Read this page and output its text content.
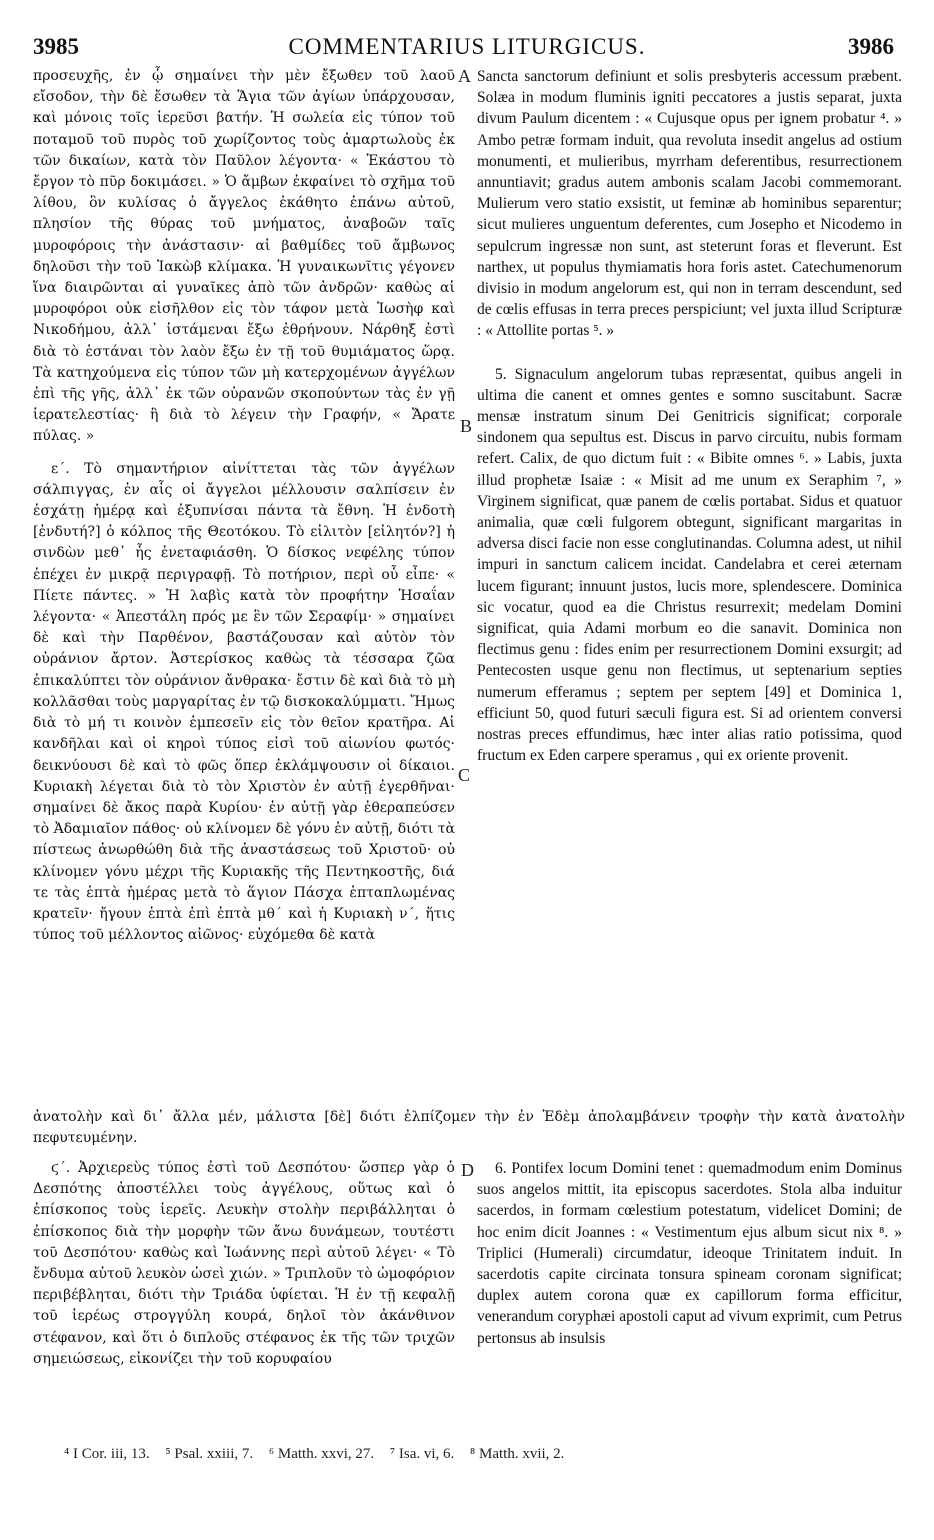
3985	COMMENTARIUS LITURGICUS.	3986

προσευχῆς, ἐν ᾧ σημαίνει τὴν μὲν ἔξωθεν τοῦ λαοῦ εἴσοδον, τὴν δὲ ἔσωθεν τὰ Ἅγια τῶν ἁγίων ὑπάρχουσαν, καὶ μόνοις τοῖς ἱερεῦσι βατήν. Ἡ σωλεία εἰς τύπον τοῦ ποταμοῦ τοῦ πυρὸς τοῦ χωρίζοντος τοὺς ἁμαρτωλοὺς ἐκ τῶν δικαίων, κατὰ τὸν Παῦλον λέγοντα· « Ἑκάστου τὸ ἔργον τὸ πῦρ δοκιμάσει. » Ὁ ἄμβων ἐκφαίνει τὸ σχῆμα τοῦ λίθου, ὃν κυλίσας ὁ ἄγγελος ἐκάθητο ἐπάνω αὐτοῦ, πλησίον τῆς θύρας τοῦ μνήματος, ἀναβοῶν ταῖς μυροφόροις τὴν ἀνάστασιν· αἱ βαθμίδες τοῦ ἄμβωνος δηλοῦσι τὴν τοῦ Ἰακὼβ κλίμακα. Ἡ γυναικωνῖτις γέγονεν ἵνα διαιρῶνται αἱ γυναῖκες ἀπὸ τῶν ἀνδρῶν· καθὼς αἱ μυροφόροι οὐκ εἰσῆλθον εἰς τὸν τάφον μετὰ Ἰωσὴφ καὶ Νικοδήμου, ἀλλ᾽ ἱστάμεναι ἔξω ἐθρήνουν. Νάρθηξ ἐστὶ διὰ τὸ ἑστάναι τὸν λαὸν ἔξω ἐν τῇ τοῦ θυμιάματος ὥρᾳ. Τὰ κατηχούμενα εἰς τύπον τῶν μὴ κατερχομένων ἀγγέλων ἐπὶ τῆς γῆς, ἀλλ᾽ ἐκ τῶν οὐρανῶν σκοπούντων τὰς ἐν γῇ ἱερατελεστίας· ἢ διὰ τὸ λέγειν τὴν Γραφήν, « Ἄρατε πύλας. »

ε΄. Τὸ σημαντήριον αἰνίττεται τὰς τῶν ἀγγέλων σάλπιγγας, ἐν αἷς οἱ ἄγγελοι μέλλουσιν σαλπίσειν ἐν ἐσχάτῃ ἡμέρᾳ καὶ ἐξυπνίσαι πάντα τὰ ἔθνη. Ἡ ἐνδοτὴ [ἐνδυτή?] ὁ κόλπος τῆς Θεοτόκου. Τὸ εἰλιτὸν [εἰλητόν?] ἡ σινδὼν μεθ᾽ ἧς ἐνεταφιάσθη. Ὁ δίσκος νεφέλης τύπον ἐπέχει ἐν μικρᾷ περιγραφῇ. Τὸ ποτήριον, περὶ οὗ εἶπε· « Πίετε πάντες. » Ἡ λαβὶς κατὰ τὸν προφήτην Ἡσαΐαν λέγοντα· « Ἀπεστάλη πρός με ἓν τῶν Σεραφίμ· » σημαίνει δὲ καὶ τὴν Παρθένον, βαστάζουσαν καὶ αὐτὸν τὸν οὐράνιον ἄρτον. Ἀστερίσκος καθὼς τὰ τέσσαρα ζῶα ἐπικαλύπτει τὸν οὐράνιον ἄνθρακα· ἔστιν δὲ καὶ διὰ τὸ μὴ κολλᾶσθαι τοὺς μαργαρίτας ἐν τῷ δισκοκαλύμματι. Ἤμως διὰ τὸ μή τι κοινὸν ἐμπεσεῖν εἰς τὸν θεῖον κρατῆρα. Αἱ κανδῆλαι καὶ οἱ κηροὶ τύπος εἰσὶ τοῦ αἰωνίου φωτός· δεικνύουσι δὲ καὶ τὸ φῶς ὅπερ ἐκλάμψουσιν οἱ δίκαιοι. Κυριακὴ λέγεται διὰ τὸ τὸν Χριστὸν ἐν αὐτῇ ἐγερθῆναι· σημαίνει δὲ ἄκος παρὰ Κυρίου· ἐν αὐτῇ γὰρ ἐθεραπεύσεν τὸ Ἀδαμιαῖον πάθος· οὐ κλίνομεν δὲ γόνυ ἐν αὐτῇ, διότι τὰ πίστεως ἀνωρθώθη διὰ τῆς ἀναστάσεως τοῦ Χριστοῦ· οὐ κλίνομεν γόνυ μέχρι τῆς Κυριακῆς τῆς Πεντηκοστῆς, διά τε τὰς ἑπτὰ ἡμέρας μετὰ τὸ ἅγιον Πάσχα ἑπταπλωμένας κρατεῖν· ἤγουν ἑπτὰ ἐπὶ ἑπτὰ μθ΄ καὶ ἡ Κυριακὴ ν΄, ἥτις τύπος τοῦ μέλλοντος αἰῶνος· εὐχόμεθα δὲ κατὰ

Sancta sanctorum definiunt et solis presbyteris accessum præbent. Solæa in modum fluminis igniti peccatores a justis separat, juxta divum Paulum dicentem : « Cujusque opus per ignem probatur ⁴. » Ambo petræ formam induit, qua revoluta insedit angelus ad ostium monumenti, et mulieribus, myrrham deferentibus, resurrectionem annuntiavit; gradus autem ambonis scalam Jacobi commemorant. Mulierum vero statio exsistit, ut feminæ ab hominibus separentur; sicut mulieres unguentum deferentes, cum Josepho et Nicodemo in sepulcrum ingressæ non sunt, ast steterunt foras et fleverunt. Est narthex, ut populus thymiamatis hora foris astet. Catechumenorum divisio in modum angelorum est, qui non in terram descendunt, sed de cœlis effusas in terra preces perspiciunt; vel juxta illud Scripturæ : « Attollite portas ⁵. »

5. Signaculum angelorum tubas repræsentat, quibus angeli in ultima die canent et omnes gentes e somno suscitabunt. Sacræ mensæ instratum sinum Dei Genitricis significat; corporale sindonem qua sepultus est. Discus in parvo circuitu, nubis formam refert. Calix, de quo dictum fuit : « Bibite omnes ⁶. » Labis, juxta illud prophetæ Isaiæ : « Misit ad me unum ex Seraphim ⁷, » Virginem significat, quæ panem de cœlis portabat. Sidus et quatuor animalia, quæ cœli fulgorem obtegunt, significant margaritas in adversa disci facie non esse conglutinandas. Columna adest, ut nihil impuri in sanctum calicem incidat. Candelabra et cerei æternam lucem figurant; innuunt justos, lucis more, splendescere. Dominica sic vocatur, quod ea die Christus resurrexit; medelam Domini significat, quia Adami morbum eo die sanavit. Dominica non flectimus genu : fides enim per resurrectionem Domini exsurgit; ad Pentecosten usque genu non flectimus, ut septenarium septies numerum efferamus ; septem per septem [49] et Dominica 1, efficiunt 50, quod futuri sæculi figura est. Si ad orientem conversi nostras preces effundimus, hæc inter alias ratio potissima, quod fructum ex Eden carpere speramus , qui ex oriente provenit.

ἀνατολὴν καὶ δι᾽ ἄλλα μέν, μάλιστα [δὲ] διότι ἐλπίζομεν τὴν ἐν Ἐδὲμ ἀπολαμβάνειν τροφὴν τὴν κατὰ ἀνατολὴν πεφυτευμένην.

ϛ΄. Ἀρχιερεὺς τύπος ἐστὶ τοῦ Δεσπότου· ὥσπερ γὰρ ὁ Δεσπότης ἀποστέλλει τοὺς ἀγγέλους, οὕτως καὶ ὁ ἐπίσκοπος τοὺς ἱερεῖς. Λευκὴν στολὴν περιβάλληται ὁ ἐπίσκοπος διὰ τὴν μορφὴν τῶν ἄνω δυνάμεων, τουτέστι τοῦ Δεσπότου· καθὼς καὶ Ἰωάννης περὶ αὐτοῦ λέγει· « Τὸ ἔνδυμα αὐτοῦ λευκὸν ὡσεὶ χιών. » Τριπλοῦν τὸ ὠμοφόριον περιβέβληται, διότι τὴν Τριάδα ὑφίεται. Ἡ ἐν τῇ κεφαλῇ τοῦ ἱερέως στρογγύλη κουρά, δηλοῖ τὸν ἀκάνθινον στέφανον, καὶ ὅτι ὁ διπλοῦς στέφανος ἐκ τῆς τῶν τριχῶν σημειώσεως, εἰκονίζει τὴν τοῦ κορυφαίου

6. Pontifex locum Domini tenet : quemadmodum enim Dominus suos angelos mittit, ita episcopus sacerdotes. Stola alba induitur sacerdos, in formam cœlestium potestatum, videlicet Domini; de hoc enim dicit Joannes : « Vestimentum ejus album sicut nix ⁸. » Triplici (Humerali) circumdatur, ideoque Trinitatem induit. In sacerdotis capite circinata tonsura spineam coronam significat; duplex autem corona quæ ex capillorum forma efficitur, venerandum coryphæi apostoli caput ad vivum exprimit, cum Petrus pertonsus ab insulsis

A
B
C
D
⁴ I Cor. iii, 13. ⁵ Psal. xxiii, 7. ⁶ Matth. xxvi, 27. ⁷ Isa. vi, 6. ⁸ Matth. xvii, 2.
